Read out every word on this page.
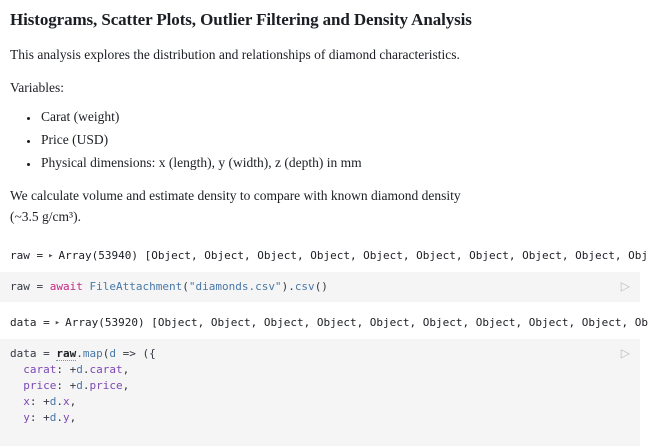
Histograms, Scatter Plots, Outlier Filtering and Density Analysis

This analysis explores the distribution and relationships of diamond characteristics.

Variables:

• Carat (weight)
• Price (USD)
• Physical dimensions: x (length), y (width), z (depth) in mm

We calculate volume and estimate density to compare with known diamond density
(~3.5 g/cm³).

raw = ▸ Array(53940) [Object, Object, Object, Object, Object, Object, Object, Object, Object, Obj
▷
raw = await FileAttachment("diamonds.csv").csv()
data = ▸ Array(53920) [Object, Object, Object, Object, Object, Object, Object, Object, Object, Ob
▷
data = raw.map(d => ({
carat: +d.carat,
price: +d.price,
x: +d.x,
y: +d.y,
